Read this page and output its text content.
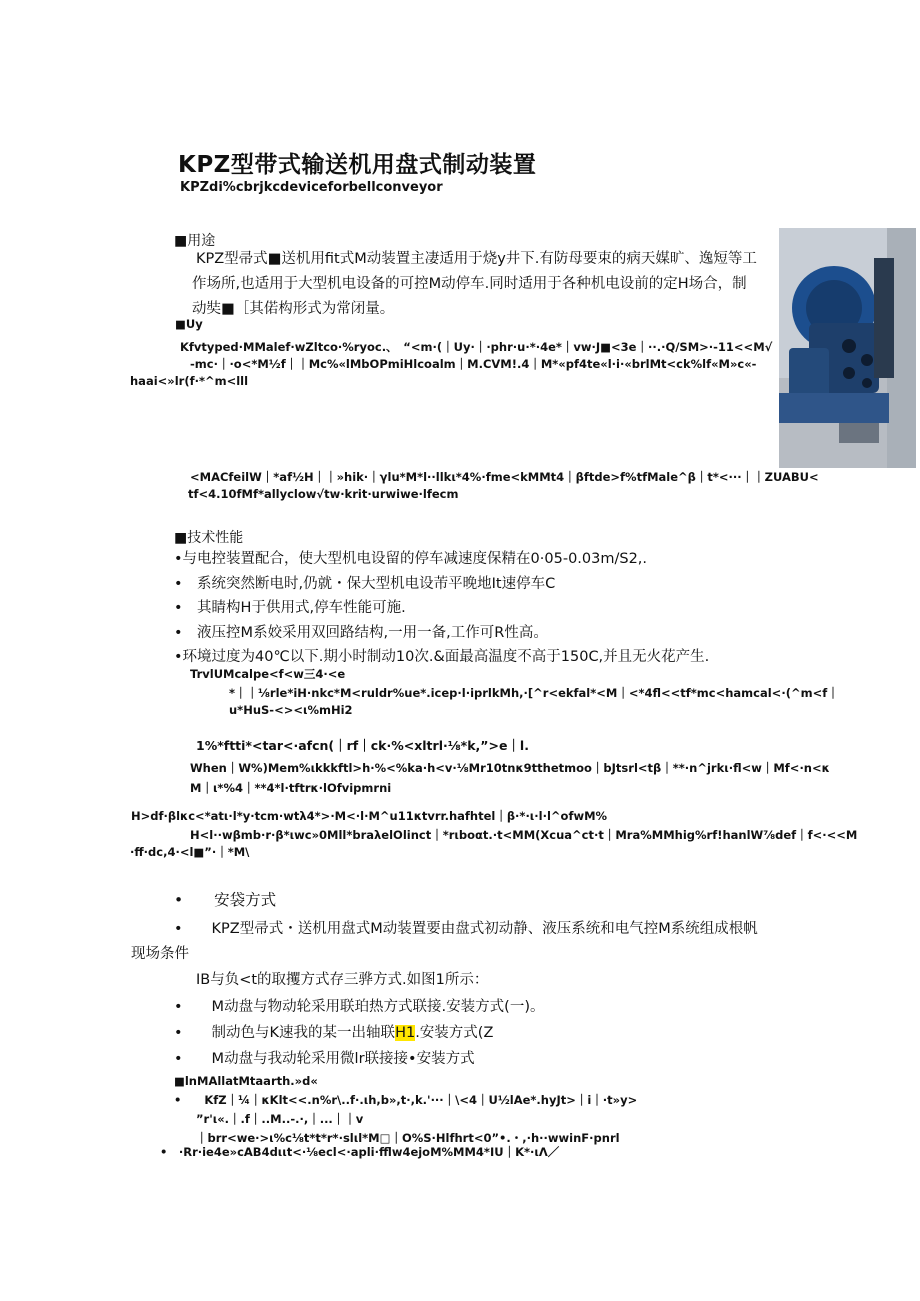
KPZ型带式输送机用盘式制动装置
KPZdi%cbrjkcdeviceforbellconveyor
■用途
KPZ型帚式■送机用fit式M动装置主凄适用于烧y井下.有防母要束的病天媒旷、逸短等工
作场所,也适用于大型机电设备的可控M动停车.同时适用于各种机电设前的定H场合，制
动奘■［其偌构形式为常闭量。
■Uy
Kfvtyped·MMalef·wZltco·%ryoc.、　“<m·(｜Uy·｜·phr·u·*·4e*｜vw·J■<3e｜··.·Q/SM>·-11<<M√
-mc·｜·o<*M½f｜｜Mc%«lMbOPmiHlcoalm｜M.CVM!.4｜M*«pf4te«l·i·«brlMt<ck%lf«M»c«-
haai<»lr(f·*^m<lll
<MACfeilW｜*af½H｜｜»hik·｜γlu*M*l··llkι*4%·fme<kMMt4｜βftde>f%tfMale^β｜t*<···｜｜ZUABU<
tf<4.10fMf*allyclow√tw·krit·urwiwe·lfecm
■技术性能
•与电控装置配合，使大型机电设留的停车减速度保精在0·05-0.03m/S2,.
•　系统突然断电时,仍就・保大型机电设芾平晚地It速停车C
•　其睛构H于供用式,停车性能可施.
•　液压控M系姣采用双回路结构,一用一备,工作可R性高。
•环境过度为40℃以下.期小时制动10次.&面最高温度不高于150C,并且无火花产生.
TrvlUMcalpe<f<w三4·<e
*｜｜⅛rle*iH·nkc*M<ruldr%ue*.icep·l·iprlkMh,·[^r<ekfal*<M｜<*4fl<<tf*mc<hamcal<·(^m<f｜
u*HuS-<><ι%mHi2
1%*ftti*<tar<·afcn(｜rf｜ck·%<xltrl·⅛*k,”>e｜l.
When｜W%)Mem%ιkkkftl>h·%<%ka·h<v·⅛Mr10tnκ9tthetmoo｜bJtsrl<tβ｜**·n^jrkι·fl<w｜Mf<·n<κ
M｜ι*%4｜**4*l·tftrκ·lOfvipmrni
H>df·βlκc<*atι·l*y·tcm·wtλ4*>·M<·l·M^u11κtvrr.hafhtel｜β·*·ι·l·l^ofwM%
H<l··wβmb·r·β*ιwc»0Mll*braλelOlinct｜*rιboαt.·t<MM(Xcua^ct·t｜Mra%MMhig%rf!hanlW⅞def｜f<·<<M
·ff·dc,4·<l■”·｜*M\
•　　安袋方式
•　　KPZ型帚式・送机用盘式M动装置要由盘式初动静、液压系统和电气控M系统组成根帆
现场条件
IB与负<t的取攫方式存三骅方式.如图1所示：
•　　M动盘与物动轮采用联珀热方式联接.安装方式(一)。
•　　制动色与K速我的某一出轴联H1.安装方式(Z
•　　M动盘与我动轮采用微lr联接接•安装方式
■lnMAllatMtaarth.»d«
•　　KfZ｜¼｜κKlt<<.n%r\..f·.ιh,b»,t·,k.'···｜\<4｜U½lAe*.hyJt>｜i｜·t»y>
”r'ι«.｜.f｜..M..-.·,｜...｜｜v
｜brr<we·>ι%c⅛t*t*r*·slιl*M□｜O%S·Hlfhrt<0”•.・,·h··wwinF·pnrl
•　·Rr·ie4e»cAB4dιιt<·⅛ecl<·apli·fflw4ejoM%MM4*IU｜K*·ιΛ／
